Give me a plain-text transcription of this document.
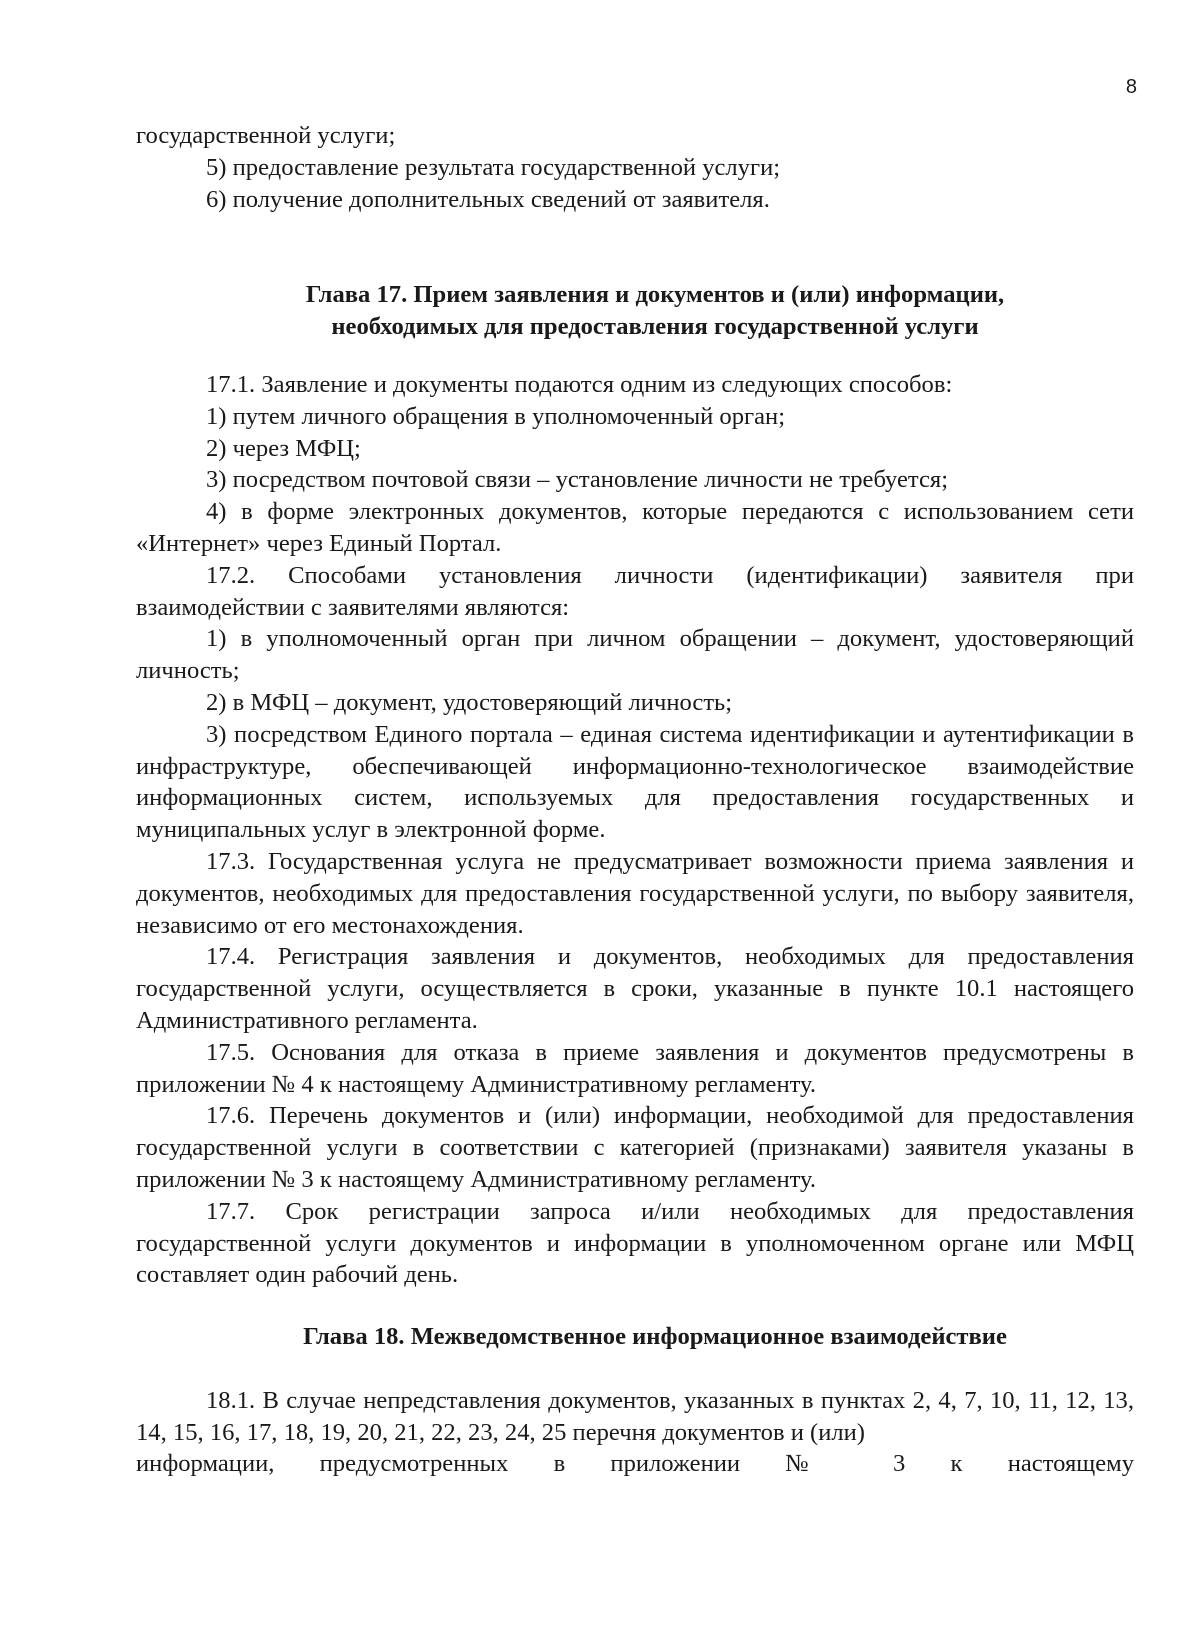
8

государственной услуги;

5) предоставление результата государственной услуги;

6) получение дополнительных сведений от заявителя.

Глава 17. Прием заявления и документов и (или) информации,
необходимых для предоставления государственной услуги

17.1. Заявление и документы подаются одним из следующих способов:

1) путем личного обращения в уполномоченный орган;

2) через МФЦ;

3) посредством почтовой связи – установление личности не требуется;

4) в форме электронных документов, которые передаются с использованием сети «Интернет» через Единый Портал.

17.2. Способами установления личности (идентификации) заявителя при взаимодействии с заявителями являются:

1) в уполномоченный орган при личном обращении – документ, удостоверяющий личность;

2) в МФЦ – документ, удостоверяющий личность;

3) посредством Единого портала – единая система идентификации и аутентификации в инфраструктуре, обеспечивающей информационно-технологическое взаимодействие информационных систем, используемых для предоставления государственных и муниципальных услуг в электронной форме.

17.3. Государственная услуга не предусматривает возможности приема заявления и документов, необходимых для предоставления государственной услуги, по выбору заявителя, независимо от его местонахождения.

17.4. Регистрация заявления и документов, необходимых для предоставления государственной услуги, осуществляется в сроки, указанные в пункте 10.1 настоящего Административного регламента.

17.5. Основания для отказа в приеме заявления и документов предусмотрены в приложении № 4 к настоящему Административному регламенту.

17.6. Перечень документов и (или) информации, необходимой для предоставления государственной услуги в соответствии с категорией (признаками) заявителя указаны в приложении № 3 к настоящему Административному регламенту.

17.7. Срок регистрации запроса и/или необходимых для предоставления государственной услуги документов и информации в уполномоченном органе или МФЦ составляет один рабочий день.

Глава 18. Межведомственное информационное взаимодействие

18.1. В случае непредставления документов, указанных в пунктах 2, 4, 7, 10, 11, 12, 13, 14, 15, 16, 17, 18, 19, 20, 21, 22, 23, 24, 25 перечня документов и (или)

информации, предусмотренных в приложении № 3 к настоящему
